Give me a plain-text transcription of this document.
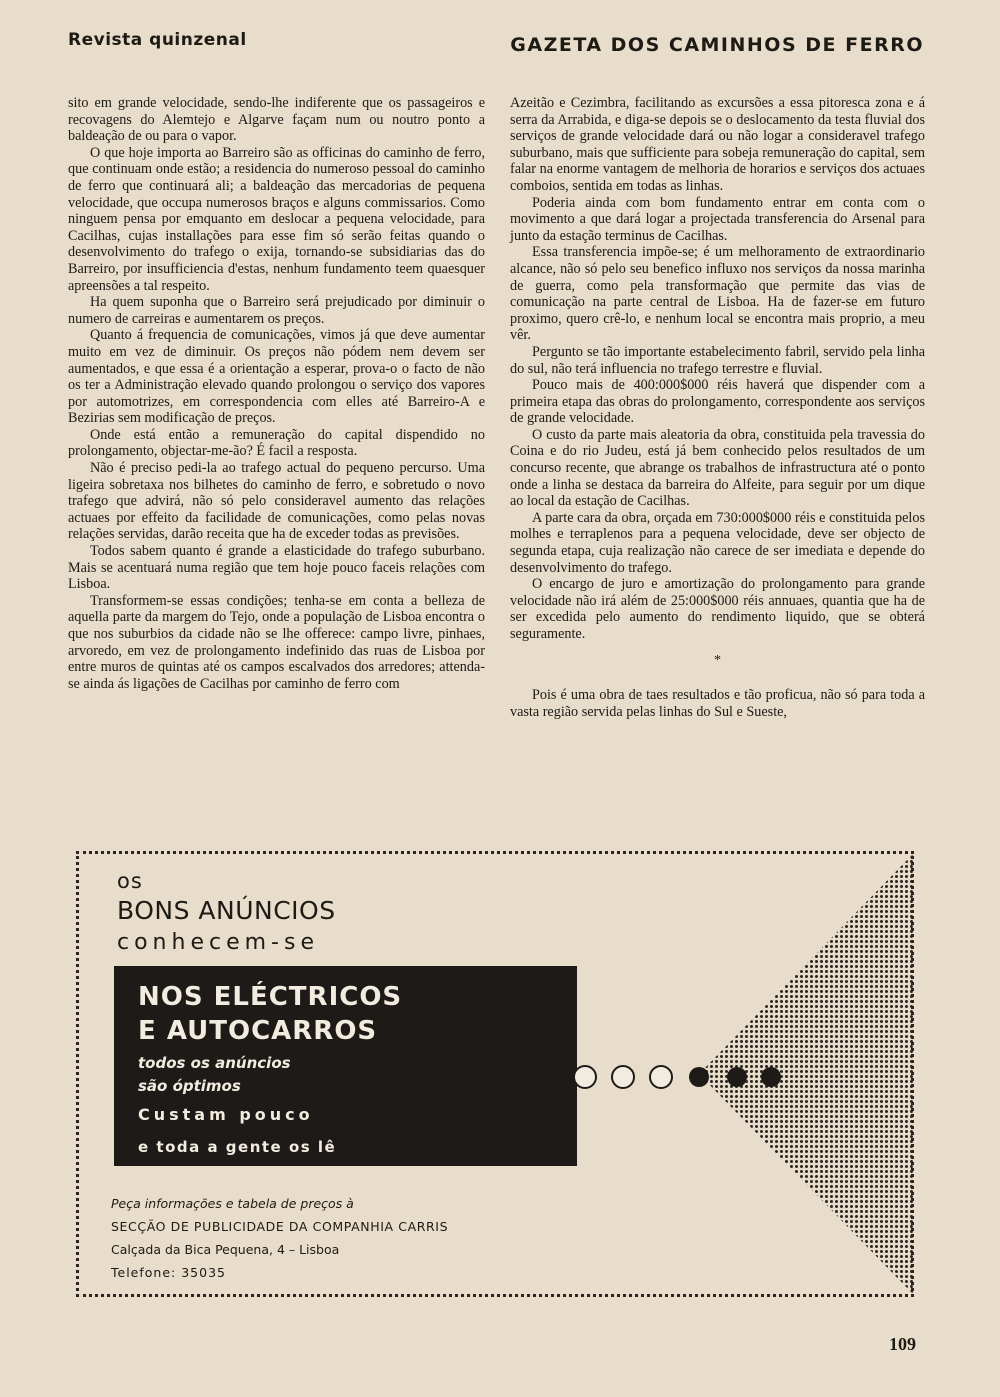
Revista quinzenal	GAZETA DOS CAMINHOS DE FERRO

sito em grande velocidade, sendo-lhe indiferente que os passageiros e recovagens do Alemtejo e Algarve façam num ou noutro ponto a baldeação de ou para o vapor.

O que hoje importa ao Barreiro são as officinas do caminho de ferro, que continuam onde estão; a residencia do numeroso pessoal do caminho de ferro que continuará ali; a baldeação das mercadorias de pequena velocidade, que occupa numerosos braços e alguns commissarios. Como ninguem pensa por emquanto em deslocar a pequena velocidade, para Cacilhas, cujas installações para esse fim só serão feitas quando o desenvolvimento do trafego o exija, tornando-se subsidiarias das do Barreiro, por insufficiencia d'estas, nenhum fundamento teem quaesquer apreensões a tal respeito.

Ha quem suponha que o Barreiro será prejudicado por diminuir o numero de carreiras e aumentarem os preços.

Quanto á frequencia de comunicações, vimos já que deve aumentar muito em vez de diminuir. Os preços não pódem nem devem ser aumentados, e que essa é a orientação a esperar, prova-o o facto de não os ter a Administração elevado quando prolongou o serviço dos vapores por automotrizes, em correspondencia com elles até Barreiro-A e Bezirias sem modificação de preços.

Onde está então a remuneração do capital dispendido no prolongamento, objectar-me-ão? É facil a resposta.

Não é preciso pedi-la ao trafego actual do pequeno percurso. Uma ligeira sobretaxa nos bilhetes do caminho de ferro, e sobretudo o novo trafego que advirá, não só pelo consideravel aumento das relações actuaes por effeito da facilidade de comunicações, como pelas novas relações servidas, darão receita que ha de exceder todas as previsões.

Todos sabem quanto é grande a elasticidade do trafego suburbano. Mais se acentuará numa região que tem hoje pouco faceis relações com Lisboa.

Transformem-se essas condições; tenha-se em conta a belleza de aquella parte da margem do Tejo, onde a população de Lisboa encontra o que nos suburbios da cidade não se lhe offerece: campo livre, pinhaes, arvoredo, em vez de prolongamento indefinido das ruas de Lisboa por entre muros de quintas até os campos escalvados dos arredores; attenda-se ainda ás ligações de Cacilhas por caminho de ferro com

Azeitão e Cezimbra, facilitando as excursões a essa pitoresca zona e á serra da Arrabida, e diga-se depois se o deslocamento da testa fluvial dos serviços de grande velocidade dará ou não logar a consideravel trafego suburbano, mais que sufficiente para sobeja remuneração do capital, sem falar na enorme vantagem de melhoria de horarios e serviços dos actuaes comboios, sentida em todas as linhas.

Poderia ainda com bom fundamento entrar em conta com o movimento a que dará logar a projectada transferencia do Arsenal para junto da estação terminus de Cacilhas.

Essa transferencia impõe-se; é um melhoramento de extraordinario alcance, não só pelo seu benefico influxo nos serviços da nossa marinha de guerra, como pela transformação que permite das vias de comunicação na parte central de Lisboa. Ha de fazer-se em futuro proximo, quero crê-lo, e nenhum local se encontra mais proprio, a meu vêr.

Pergunto se tão importante estabelecimento fabril, servido pela linha do sul, não terá influencia no trafego terrestre e fluvial.

Pouco mais de 400:000$000 réis haverá que dispender com a primeira etapa das obras do prolongamento, correspondente aos serviços de grande velocidade.

O custo da parte mais aleatoria da obra, constituida pela travessia do Coina e do rio Judeu, está já bem conhecido pelos resultados de um concurso recente, que abrange os trabalhos de infrastructura até o ponto onde a linha se destaca da barreira do Alfeite, para seguir por um dique ao local da estação de Cacilhas.

A parte cara da obra, orçada em 730:000$000 réis e constituida pelos molhes e terraplenos para a pequena velocidade, deve ser objecto de segunda etapa, cuja realização não carece de ser imediata e depende do desenvolvimento do trafego.

O encargo de juro e amortização do prolongamento para grande velocidade não irá além de 25:000$000 réis annuaes, quantia que ha de ser excedida pelo aumento do rendimento liquido, que se obterá seguramente.

*

Pois é uma obra de taes resultados e tão proficua, não só para toda a vasta região servida pelas linhas do Sul e Sueste,

os
BONS ANÚNCIOS
conhecem-se
NOS ELÉCTRICOS
E AUTOCARROS
todos os anúncios
são óptimos
Custam pouco
e toda a gente os lê
Peça informações e tabela de preços à
SECÇÃO DE PUBLICIDADE DA COMPANHIA CARRIS
Calçada da Bica Pequena, 4 – Lisboa
Telefone: 35035
109
